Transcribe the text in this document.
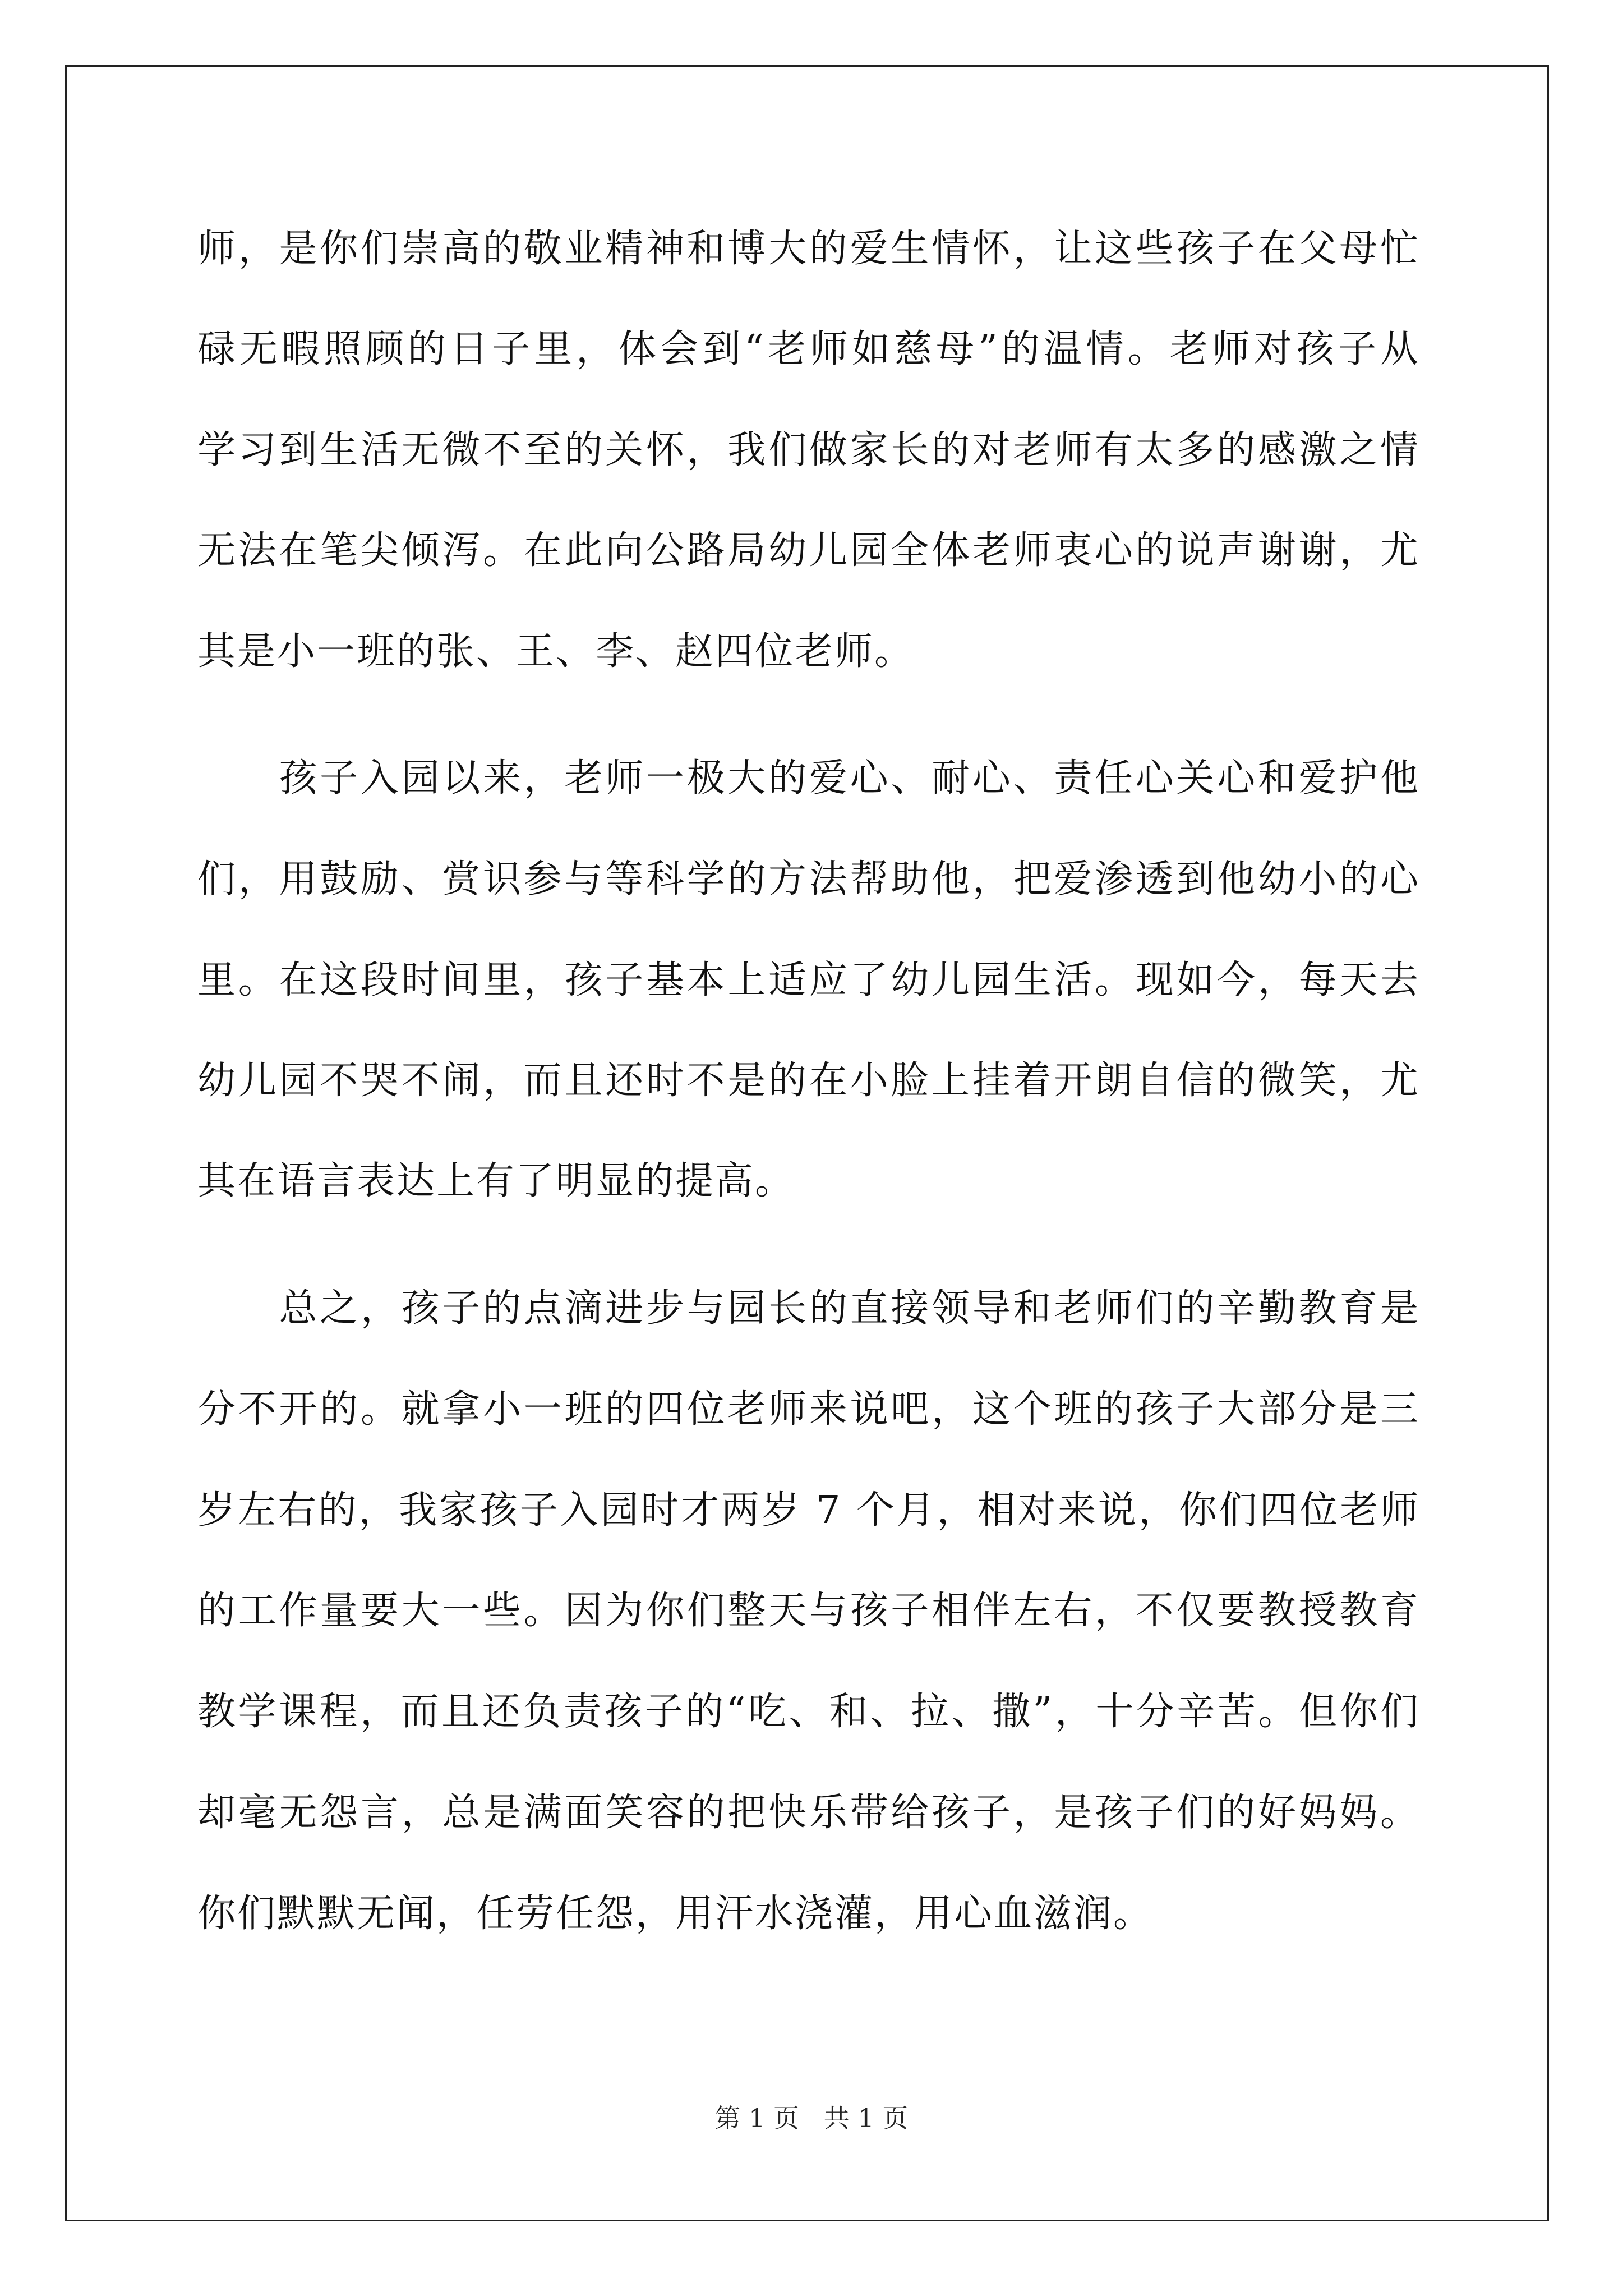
师，是你们崇高的敬业精神和博大的爱生情怀，让这些孩子在父母忙
碌无暇照顾的日子里，体会到“老师如慈母”的温情。老师对孩子从
学习到生活无微不至的关怀，我们做家长的对老师有太多的感激之情
无法在笔尖倾泻。在此向公路局幼儿园全体老师衷心的说声谢谢，尤
其是小一班的张、王、李、赵四位老师。
　　孩子入园以来，老师一极大的爱心、耐心、责任心关心和爱护他
们，用鼓励、赏识参与等科学的方法帮助他，把爱渗透到他幼小的心
里。在这段时间里，孩子基本上适应了幼儿园生活。现如今，每天去
幼儿园不哭不闹，而且还时不是的在小脸上挂着开朗自信的微笑，尤
其在语言表达上有了明显的提高。
　　总之，孩子的点滴进步与园长的直接领导和老师们的辛勤教育是
分不开的。就拿小一班的四位老师来说吧，这个班的孩子大部分是三
岁左右的，我家孩子入园时才两岁 7 个月，相对来说，你们四位老师
的工作量要大一些。因为你们整天与孩子相伴左右，不仅要教授教育
教学课程，而且还负责孩子的“吃、和、拉、撒”，十分辛苦。但你们
却毫无怨言，总是满面笑容的把快乐带给孩子，是孩子们的好妈妈。
你们默默无闻，任劳任怨，用汗水浇灌，用心血滋润。
第 1 页   共 1 页
